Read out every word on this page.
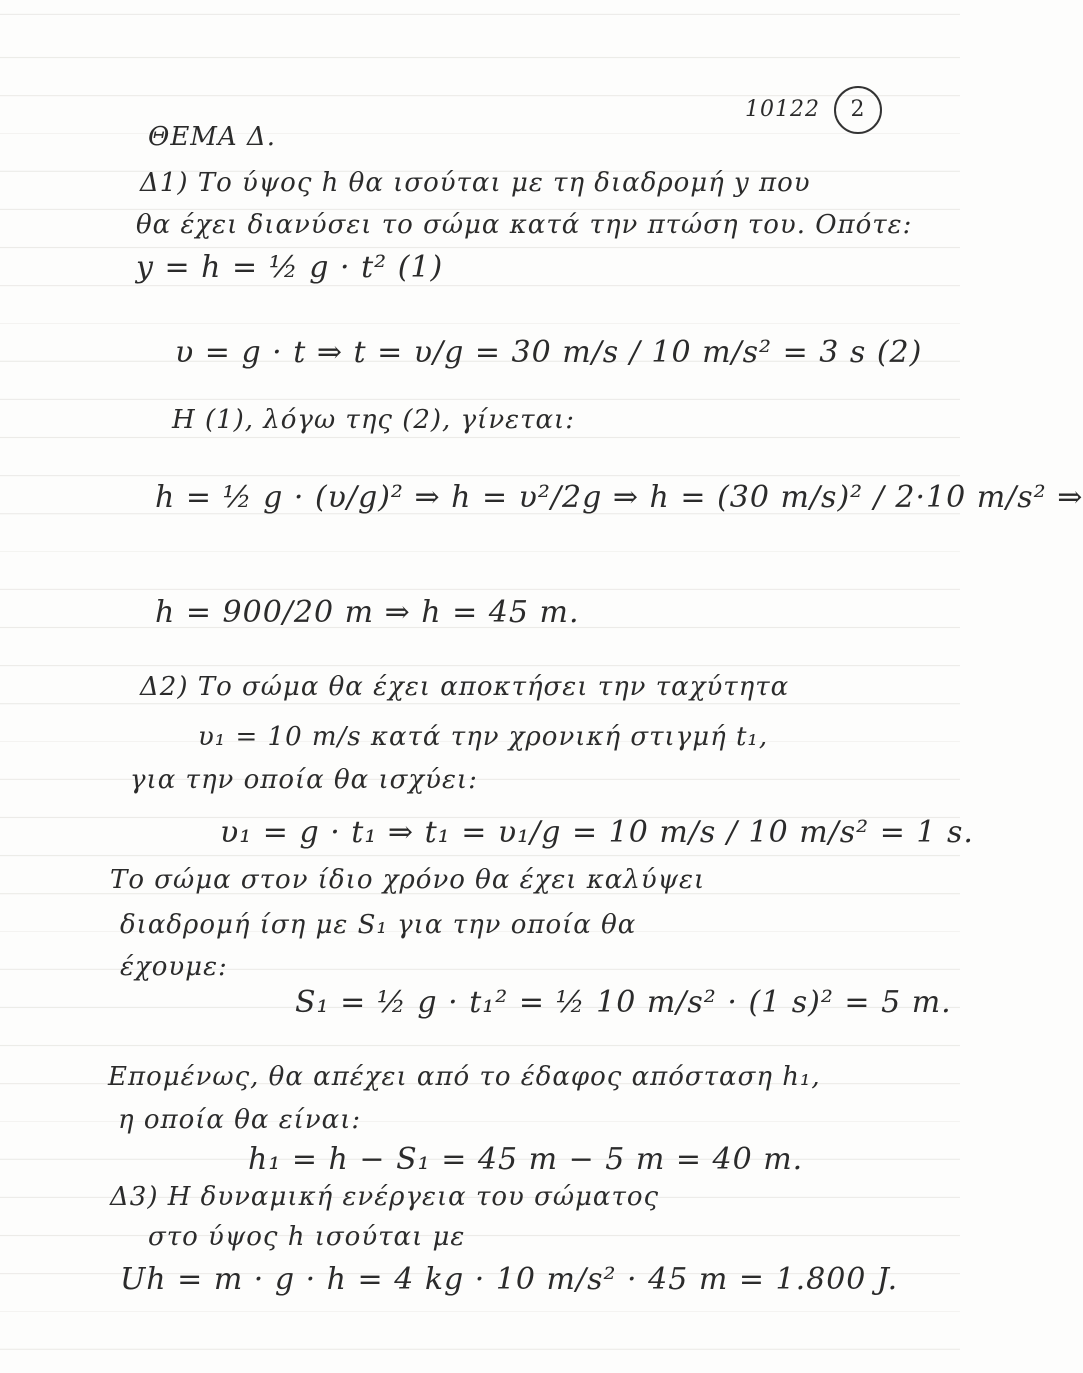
10122 2
ΘΕΜΑ Δ.
Δ1) Το ύψος h θα ισούται με τη διαδρομή y που
θα έχει διανύσει το σώμα κατά την πτώση του. Οπότε:
y = h = ½ g · t² (1)
υ = g · t ⇒ t = υ/g = 30 m/s / 10 m/s² = 3 s (2)
Η (1), λόγω της (2), γίνεται:
h = ½ g · (υ/g)² ⇒ h = υ²/2g ⇒ h = (30 m/s)² / 2·10 m/s² ⇒
h = 900/20 m ⇒ h = 45 m.
Δ2) Το σώμα θα έχει αποκτήσει την ταχύτητα
υ₁ = 10 m/s κατά την χρονική στιγμή t₁,
για την οποία θα ισχύει:
υ₁ = g · t₁ ⇒ t₁ = υ₁/g = 10 m/s / 10 m/s² = 1 s.
Το σώμα στον ίδιο χρόνο θα έχει καλύψει
διαδρομή ίση με S₁ για την οποία θα
έχουμε:
S₁ = ½ g · t₁² = ½ 10 m/s² · (1 s)² = 5 m.
Επομένως, θα απέχει από το έδαφος απόσταση h₁,
η οποία θα είναι:
h₁ = h − S₁ = 45 m − 5 m = 40 m.
Δ3) Η δυναμική ενέργεια του σώματος
στο ύψος h ισούται με
Uh = m · g · h = 4 kg · 10 m/s² · 45 m = 1.800 J.
